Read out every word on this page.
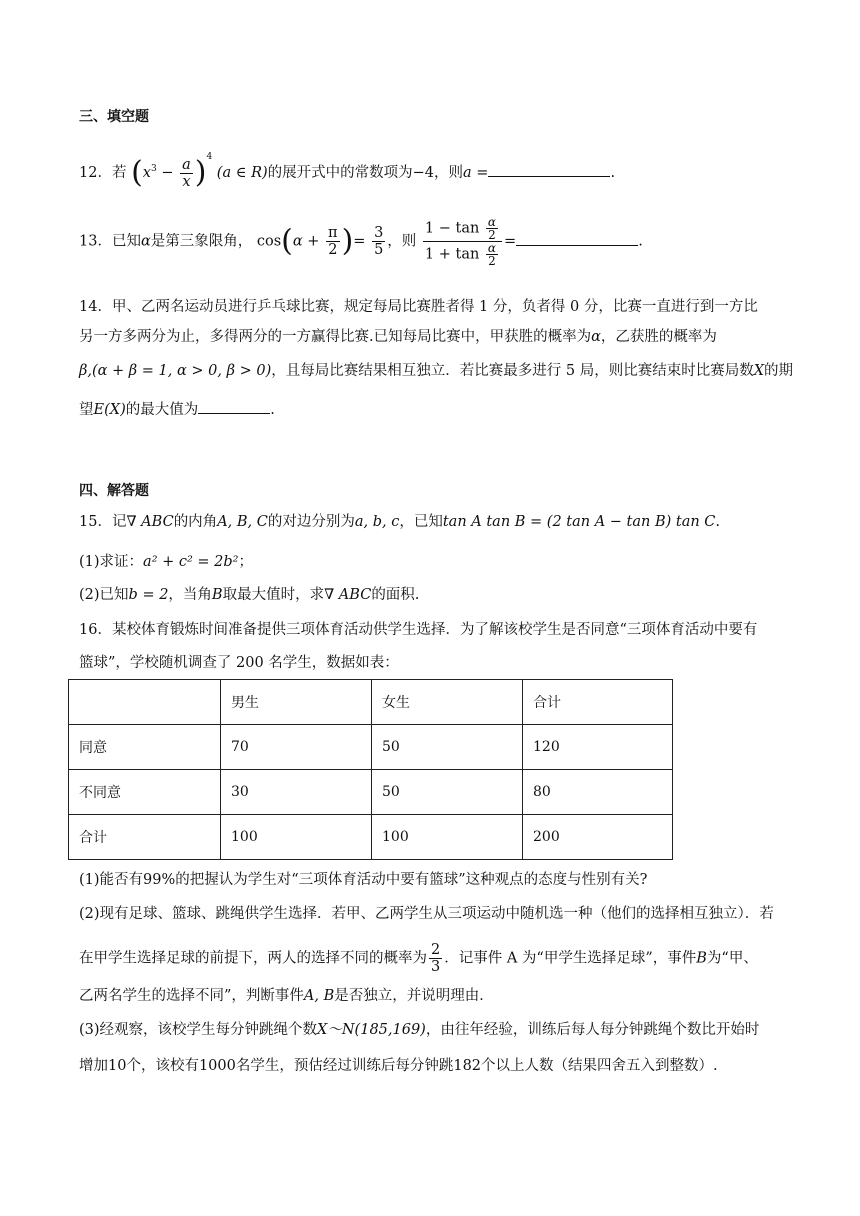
三、填空题
12．若 $(x^3 - \frac{a}{x} )^4$ (a ∈ R)的展开式中的常数项为−4，则a =	.
13．已知α是第三象限角， $\cos(\alpha + \frac{\pi}{2}$ )= $\frac{3}{5}$ ，则 $\frac{1 - \tan \frac{\alpha}{2}}{1 + \tan \frac{\alpha}{2}}$ =	.
14．甲、乙两名运动员进行乒乓球比赛，规定每局比赛胜者得 1 分，负者得 0 分，比赛一直进行到一方比
另一方多两分为止，多得两分的一方赢得比赛.已知每局比赛中，甲获胜的概率为α，乙获胜的概率为
β,(α + β = 1, α > 0, β > 0)，且每局比赛结果相互独立．若比赛最多进行 5 局，则比赛结束时比赛局数X的期
望E(X)的最大值为	.
四、解答题
15．记∇ ABC的内角A, B, C的对边分别为a, b, c，已知tan A tan B = (2 tan A − tan B) tan C.
(1)求证：a² + c² = 2b²；
(2)已知b = 2，当角B取最大值时，求∇ ABC的面积.
16．某校体育锻炼时间准备提供三项体育活动供学生选择．为了解该校学生是否同意“三项体育活动中要有
篮球”，学校随机调查了 200 名学生，数据如表：
	男生	女生	合计
同意	70	50	120
不同意	30	50	80
合计	100	100	200
(1)能否有99%的把握认为学生对“三项体育活动中要有篮球”这种观点的态度与性别有关?
(2)现有足球、篮球、跳绳供学生选择．若甲、乙两学生从三项运动中随机选一种（他们的选择相互独立）．若
在甲学生选择足球的前提下，两人的选择不同的概率为 $\frac{2}{3}$ ．记事件 A 为“甲学生选择足球”，事件B为“甲、
乙两名学生的选择不同”，判断事件A, B是否独立，并说明理由．
(3)经观察，该校学生每分钟跳绳个数X～N(185,169)，由往年经验，训练后每人每分钟跳绳个数比开始时
增加10个，该校有1000名学生，预估经过训练后每分钟跳182个以上人数（结果四舍五入到整数）.
